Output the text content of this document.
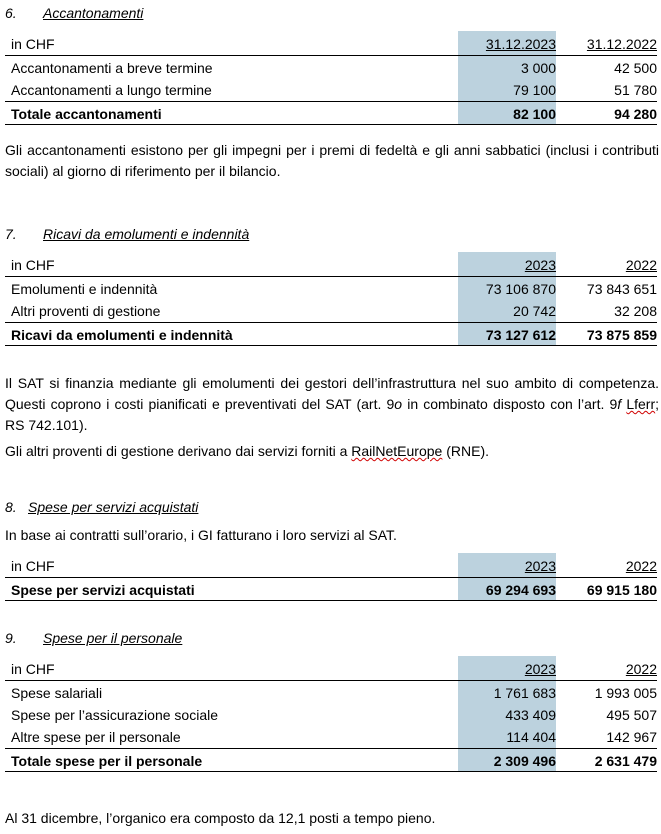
6. Accantonamenti
in CHF	31.12.2023	31.12.2022
Accantonamenti a breve termine	3 000	42 500
Accantonamenti a lungo termine	79 100	51 780
Totale accantonamenti	82 100	94 280
Gli accantonamenti esistono per gli impegni per i premi di fedeltà e gli anni sabbatici (inclusi i contributi sociali) al giorno di riferimento per il bilancio.
7. Ricavi da emolumenti e indennità
in CHF	2023	2022
Emolumenti e indennità	73 106 870	73 843 651
Altri proventi di gestione	20 742	32 208
Ricavi da emolumenti e indennità	73 127 612	73 875 859
Il SAT si finanzia mediante gli emolumenti dei gestori dell’infrastruttura nel suo ambito di competenza. Questi coprono i costi pianificati e preventivati del SAT (art. 9o in combinato disposto con l’art. 9f Lferr; RS 742.101).
Gli altri proventi di gestione derivano dai servizi forniti a RailNetEurope (RNE).
8. Spese per servizi acquistati
In base ai contratti sull’orario, i GI fatturano i loro servizi al SAT.
in CHF	2023	2022
Spese per servizi acquistati	69 294 693	69 915 180
9. Spese per il personale
in CHF	2023	2022
Spese salariali	1 761 683	1 993 005
Spese per l’assicurazione sociale	433 409	495 507
Altre spese per il personale	114 404	142 967
Totale spese per il personale	2 309 496	2 631 479
Al 31 dicembre, l’organico era composto da 12,1 posti a tempo pieno.
